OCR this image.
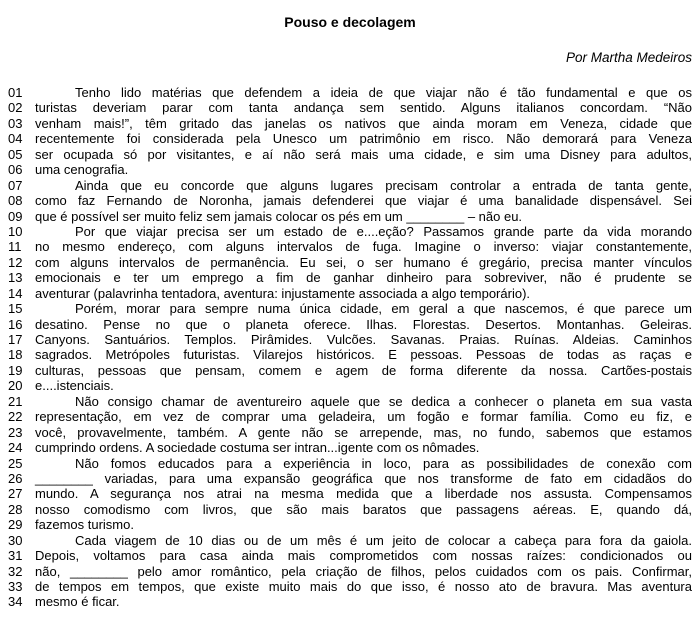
Pouso e decolagem
Por Martha Medeiros
01	Tenho lido matérias que defendem a ideia de que viajar não é tão fundamental e que os
02 turistas deveriam parar com tanta andança sem sentido. Alguns italianos concordam. “Não
03 venham mais!”, têm gritado das janelas os nativos que ainda moram em Veneza, cidade que
04 recentemente foi considerada pela Unesco um patrimônio em risco. Não demorará para Veneza
05 ser ocupada só por visitantes, e aí não será mais uma cidade, e sim uma Disney para adultos,
06 uma cenografia.
07	Ainda que eu concorde que alguns lugares precisam controlar a entrada de tanta gente,
08 como faz Fernando de Noronha, jamais defenderei que viajar é uma banalidade dispensável. Sei
09 que é possível ser muito feliz sem jamais colocar os pés em um ________ – não eu.
10	Por que viajar precisa ser um estado de e....eção? Passamos grande parte da vida morando
11	no mesmo endereço, com alguns intervalos de fuga. Imagine o inverso: viajar constantemente,
12 com alguns intervalos de permanência. Eu sei, o ser humano é gregário, precisa manter vínculos
13 emocionais e ter um emprego a fim de ganhar dinheiro para sobreviver, não é prudente se
14 aventurar (palavrinha tentadora, aventura: injustamente associada a algo temporário).
15	Porém, morar para sempre numa única cidade, em geral a que nascemos, é que parece um
16 desatino. Pense no que o planeta oferece. Ilhas. Florestas. Desertos. Montanhas. Geleiras.
17 Canyons. Santuários. Templos. Pirâmides. Vulcões. Savanas. Praias. Ruínas. Aldeias. Caminhos
18 sagrados. Metrópoles futuristas. Vilarejos históricos. E pessoas. Pessoas de todas as raças e
19 culturas, pessoas que pensam, comem e agem de forma diferente da nossa. Cartões-postais
20 e....istenciais.
21	Não consigo chamar de aventureiro aquele que se dedica a conhecer o planeta em sua vasta
22 representação, em vez de comprar uma geladeira, um fogão e formar família. Como eu fiz, e
23 você, provavelmente, também. A gente não se arrepende, mas, no fundo, sabemos que estamos
24 cumprindo ordens. A sociedade costuma ser intran...igente com os nômades.
25	Não fomos educados para a experiência in loco, para as possibilidades de conexão com
26 ________ variadas, para uma expansão geográfica que nos transforme de fato em cidadãos do
27 mundo. A segurança nos atrai na mesma medida que a liberdade nos assusta. Compensamos
28 nosso comodismo com livros, que são mais baratos que passagens aéreas. E, quando dá,
29 fazemos turismo.
30	Cada viagem de 10 dias ou de um mês é um jeito de colocar a cabeça para fora da gaiola.
31 Depois, voltamos para casa ainda mais comprometidos com nossas raízes: condicionados ou
32 não, ________ pelo amor romântico, pela criação de filhos, pelos cuidados com os pais. Confirmar,
33 de tempos em tempos, que existe muito mais do que isso, é nosso ato de bravura. Mas aventura
34 mesmo é ficar.
